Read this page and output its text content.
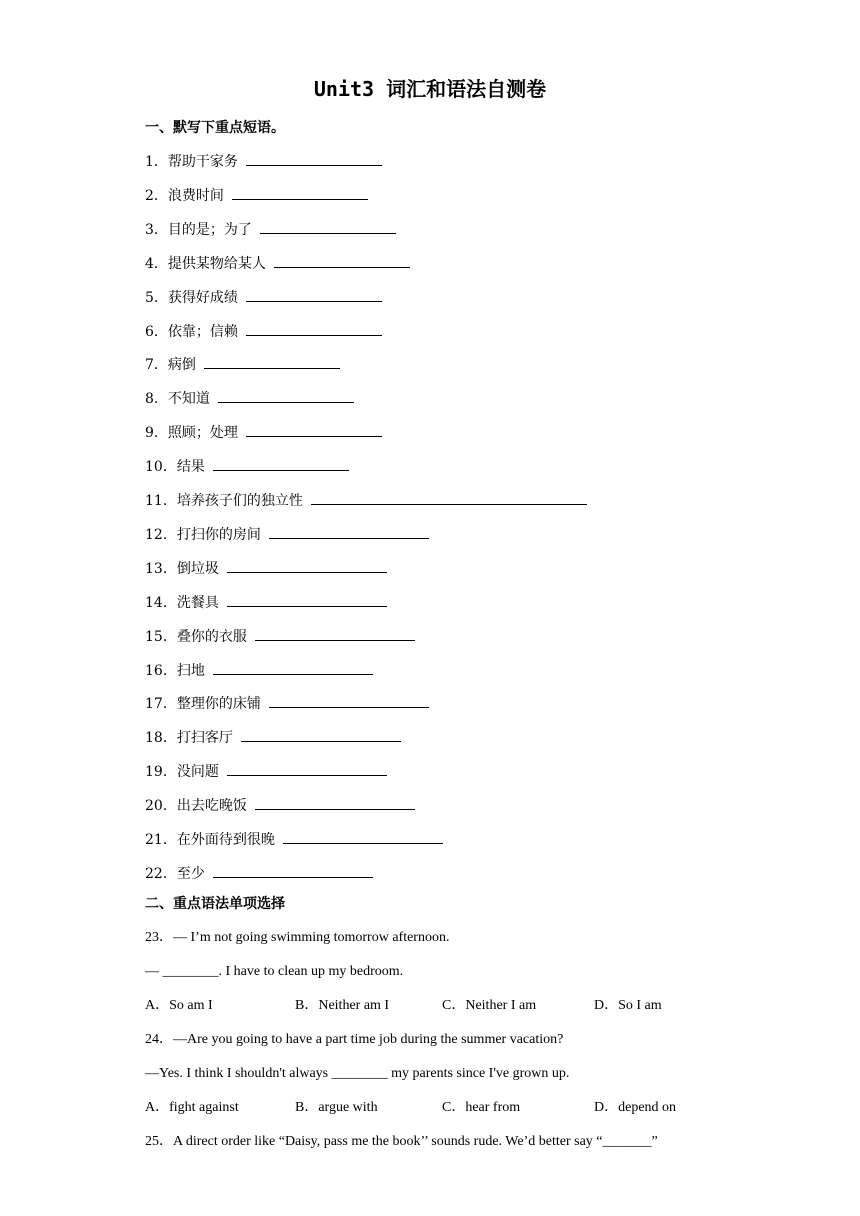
Unit3 词汇和语法自测卷
一、默写下重点短语。
1．帮助干家务
2．浪费时间
3．目的是；为了
4．提供某物给某人
5．获得好成绩
6．依靠；信赖
7．病倒
8．不知道
9．照顾；处理
10．结果
11．培养孩子们的独立性
12．打扫你的房间
13．倒垃圾
14．洗餐具
15．叠你的衣服
16．扫地
17．整理你的床铺
18．打扫客厅
19．没问题
20．出去吃晚饭
21．在外面待到很晚
22．至少
二、重点语法单项选择
23．— I’m not going swimming tomorrow afternoon.
— ________. I have to clean up my bedroom.
A．So am I	B．Neither am I	C．Neither I am	D．So I am
24．—Are you going to have a part time job during the summer vacation?
—Yes. I think I shouldn't always ________ my parents since I've grown up.
A．fight against	B．argue with	C．hear from	D．depend on
25．A direct order like “Daisy, pass me the book’’ sounds rude. We’d better say “_______”
